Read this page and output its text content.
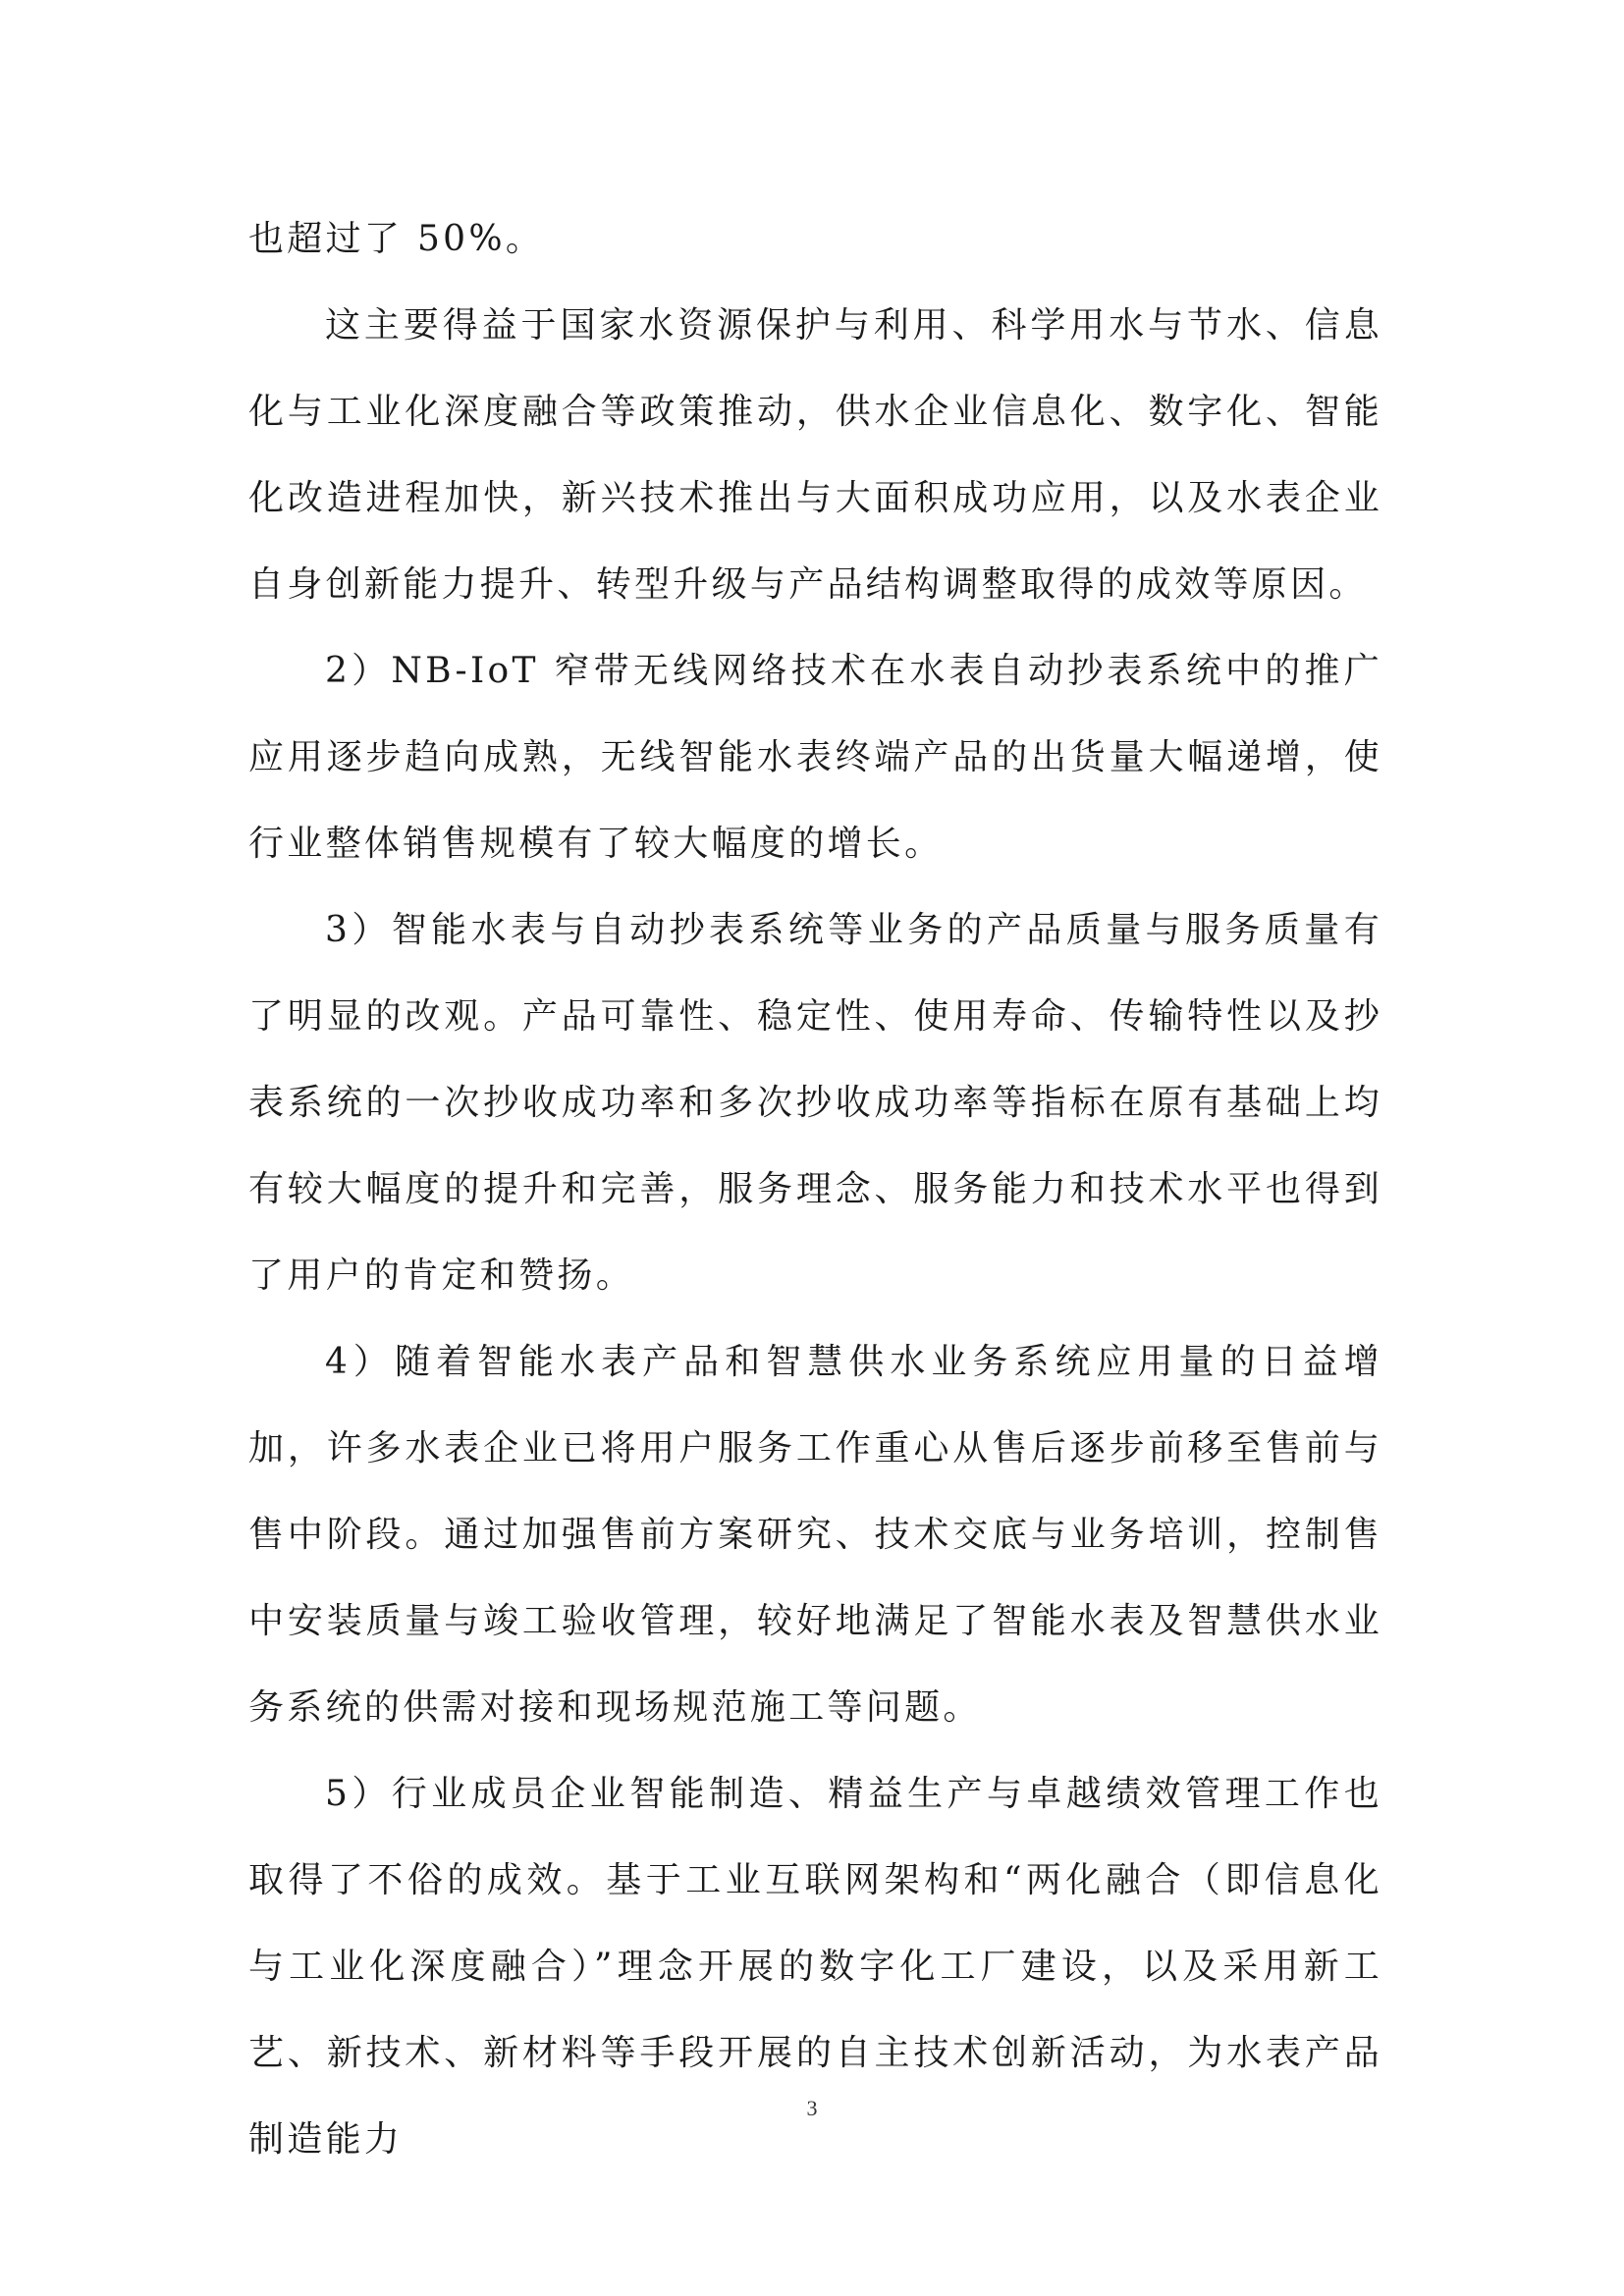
也超过了 50%。

这主要得益于国家水资源保护与利用、科学用水与节水、信息化与工业化深度融合等政策推动，供水企业信息化、数字化、智能化改造进程加快，新兴技术推出与大面积成功应用，以及水表企业自身创新能力提升、转型升级与产品结构调整取得的成效等原因。

2）NB-IoT 窄带无线网络技术在水表自动抄表系统中的推广应用逐步趋向成熟，无线智能水表终端产品的出货量大幅递增，使行业整体销售规模有了较大幅度的增长。

3）智能水表与自动抄表系统等业务的产品质量与服务质量有了明显的改观。产品可靠性、稳定性、使用寿命、传输特性以及抄表系统的一次抄收成功率和多次抄收成功率等指标在原有基础上均有较大幅度的提升和完善，服务理念、服务能力和技术水平也得到了用户的肯定和赞扬。

4）随着智能水表产品和智慧供水业务系统应用量的日益增加，许多水表企业已将用户服务工作重心从售后逐步前移至售前与售中阶段。通过加强售前方案研究、技术交底与业务培训，控制售中安装质量与竣工验收管理，较好地满足了智能水表及智慧供水业务系统的供需对接和现场规范施工等问题。

5）行业成员企业智能制造、精益生产与卓越绩效管理工作也取得了不俗的成效。基于工业互联网架构和“两化融合（即信息化与工业化深度融合）”理念开展的数字化工厂建设，以及采用新工艺、新技术、新材料等手段开展的自主技术创新活动，为水表产品制造能力

3
